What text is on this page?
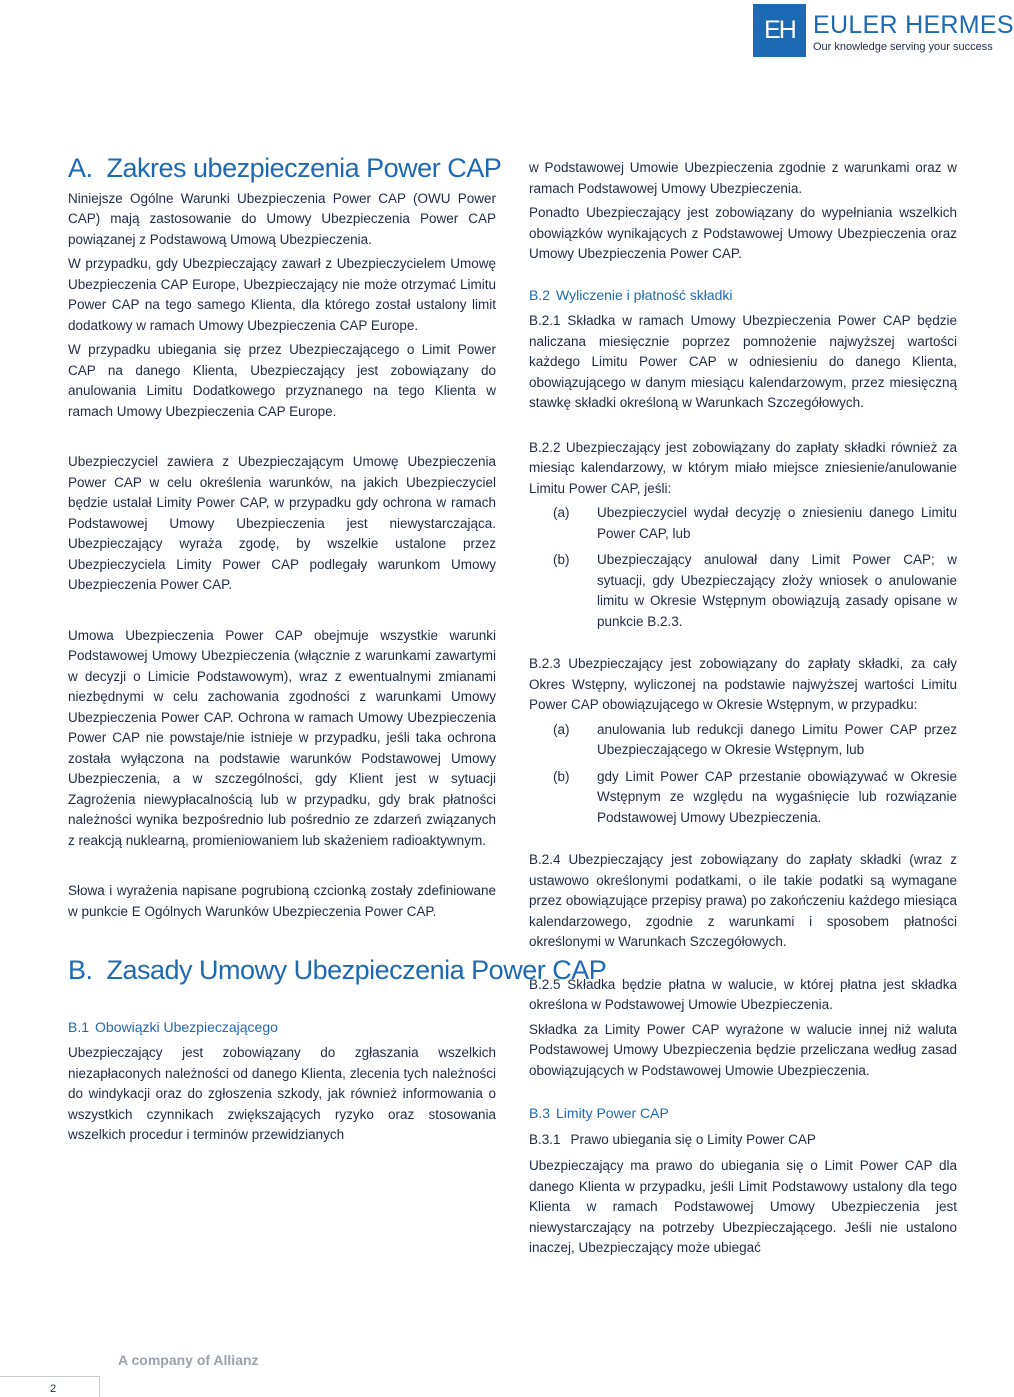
EH EULER HERMES
Our knowledge serving your success
A. Zakres ubezpieczenia Power CAP

Niniejsze Ogólne Warunki Ubezpieczenia Power CAP (OWU Power CAP) mają zastosowanie do Umowy Ubezpieczenia Power CAP powiązanej z Podstawową Umową Ubezpieczenia.

W przypadku, gdy Ubezpieczający zawarł z Ubezpieczycielem Umowę Ubezpieczenia CAP Europe, Ubezpieczający nie może otrzymać Limitu Power CAP na tego samego Klienta, dla którego został ustalony limit dodatkowy w ramach Umowy Ubezpieczenia CAP Europe.

W przypadku ubiegania się przez Ubezpieczającego o Limit Power CAP na danego Klienta, Ubezpieczający jest zobowiązany do anulowania Limitu Dodatkowego przyznanego na tego Klienta w ramach Umowy Ubezpieczenia CAP Europe.

Ubezpieczyciel zawiera z Ubezpieczającym Umowę Ubezpieczenia Power CAP w celu określenia warunków, na jakich Ubezpieczyciel będzie ustalał Limity Power CAP, w przypadku gdy ochrona w ramach Podstawowej Umowy Ubezpieczenia jest niewystarczająca. Ubezpieczający wyraża zgodę, by wszelkie ustalone przez Ubezpieczyciela Limity Power CAP podlegały warunkom Umowy Ubezpieczenia Power CAP.

Umowa Ubezpieczenia Power CAP obejmuje wszystkie warunki Podstawowej Umowy Ubezpieczenia (włącznie z warunkami zawartymi w decyzji o Limicie Podstawowym), wraz z ewentualnymi zmianami niezbędnymi w celu zachowania zgodności z warunkami Umowy Ubezpieczenia Power CAP. Ochrona w ramach Umowy Ubezpieczenia Power CAP nie powstaje/nie istnieje w przypadku, jeśli taka ochrona została wyłączona na podstawie warunków Podstawowej Umowy Ubezpieczenia, a w szczególności, gdy Klient jest w sytuacji Zagrożenia niewypłacalnością lub w przypadku, gdy brak płatności należności wynika bezpośrednio lub pośrednio ze zdarzeń związanych z reakcją nuklearną, promieniowaniem lub skażeniem radioaktywnym.

Słowa i wyrażenia napisane pogrubioną czcionką zostały zdefiniowane w punkcie E Ogólnych Warunków Ubezpieczenia Power CAP.

B. Zasady Umowy Ubezpieczenia Power CAP
B.1 Obowiązki Ubezpieczającego

Ubezpieczający jest zobowiązany do zgłaszania wszelkich niezapłaconych należności od danego Klienta, zlecenia tych należności do windykacji oraz do zgłoszenia szkody, jak również informowania o wszystkich czynnikach zwiększających ryzyko oraz stosowania wszelkich procedur i terminów przewidzianych

w Podstawowej Umowie Ubezpieczenia zgodnie z warunkami oraz w ramach Podstawowej Umowy Ubezpieczenia.

Ponadto Ubezpieczający jest zobowiązany do wypełniania wszelkich obowiązków wynikających z Podstawowej Umowy Ubezpieczenia oraz Umowy Ubezpieczenia Power CAP.

B.2 Wyliczenie i płatność składki

B.2.1 Składka w ramach Umowy Ubezpieczenia Power CAP będzie naliczana miesięcznie poprzez pomnożenie najwyższej wartości każdego Limitu Power CAP w odniesieniu do danego Klienta, obowiązującego w danym miesiącu kalendarzowym, przez miesięczną stawkę składki określoną w Warunkach Szczegółowych.

B.2.2 Ubezpieczający jest zobowiązany do zapłaty składki również za miesiąc kalendarzowy, w którym miało miejsce zniesienie/anulowanie Limitu Power CAP, jeśli:

(a)	Ubezpieczyciel wydał decyzję o zniesieniu danego Limitu Power CAP, lub
(b)	Ubezpieczający anulował dany Limit Power CAP; w sytuacji, gdy Ubezpieczający złoży wniosek o anulowanie limitu w Okresie Wstępnym obowiązują zasady opisane w punkcie B.2.3.

B.2.3 Ubezpieczający jest zobowiązany do zapłaty składki, za cały Okres Wstępny, wyliczonej na podstawie najwyższej wartości Limitu Power CAP obowiązującego w Okresie Wstępnym, w przypadku:

(a)	anulowania lub redukcji danego Limitu Power CAP przez Ubezpieczającego w Okresie Wstępnym, lub
(b)	gdy Limit Power CAP przestanie obowiązywać w Okresie Wstępnym ze względu na wygaśnięcie lub rozwiązanie Podstawowej Umowy Ubezpieczenia.

B.2.4 Ubezpieczający jest zobowiązany do zapłaty składki (wraz z ustawowo określonymi podatkami, o ile takie podatki są wymagane przez obowiązujące przepisy prawa) po zakończeniu każdego miesiąca kalendarzowego, zgodnie z warunkami i sposobem płatności określonymi w Warunkach Szczegółowych.

B.2.5 Składka będzie płatna w walucie, w której płatna jest składka określona w Podstawowej Umowie Ubezpieczenia.

Składka za Limity Power CAP wyrażone w walucie innej niż waluta Podstawowej Umowy Ubezpieczenia będzie przeliczana według zasad obowiązujących w Podstawowej Umowie Ubezpieczenia.

B.3 Limity Power CAP
B.3.1 Prawo ubiegania się o Limity Power CAP

Ubezpieczający ma prawo do ubiegania się o Limit Power CAP dla danego Klienta w przypadku, jeśli Limit Podstawowy ustalony dla tego Klienta w ramach Podstawowej Umowy Ubezpieczenia jest niewystarczający na potrzeby Ubezpieczającego. Jeśli nie ustalono inaczej, Ubezpieczający może ubiegać

A company of Allianz
2
